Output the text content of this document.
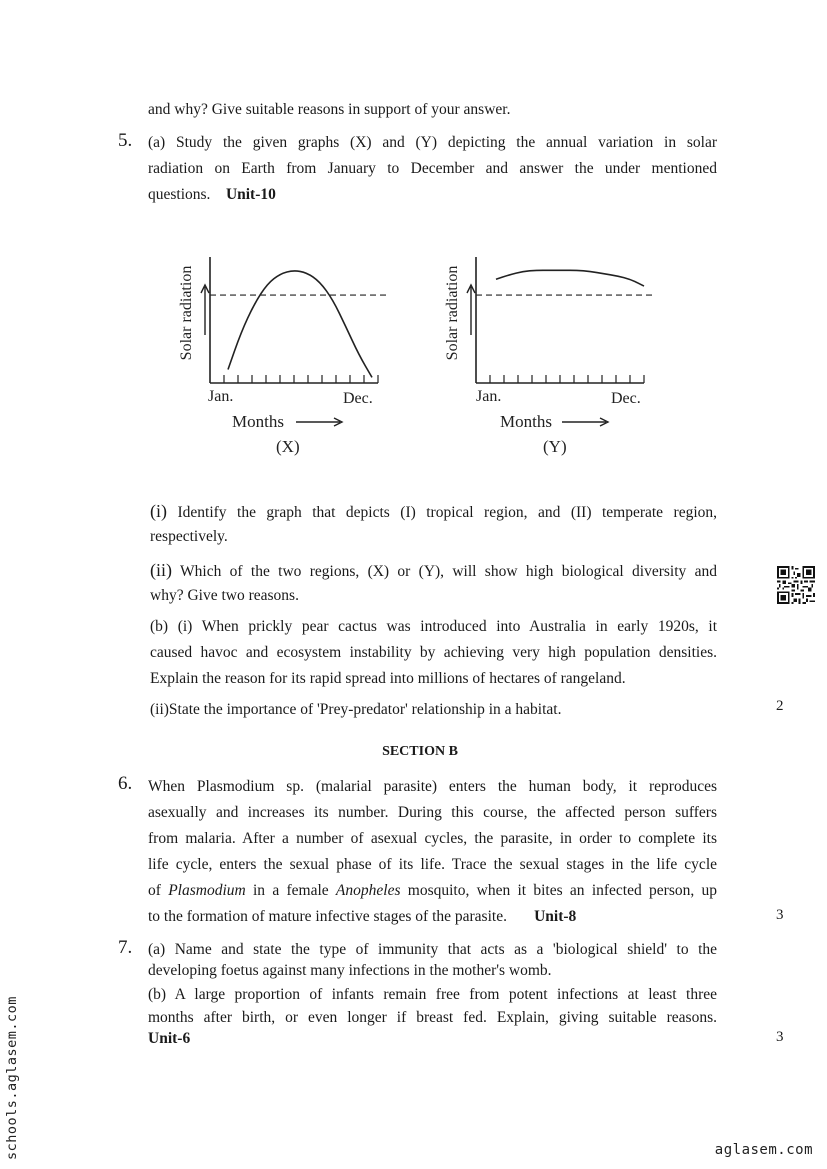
and why? Give suitable reasons in support of your answer.
5. (a) Study the given graphs (X) and (Y) depicting the annual variation in solar
radiation on Earth from January to December and answer the under mentioned
questions. Unit-10
Solar radiation
Jan.	Dec.
Months
(X)
Solar radiation
Jan.	Dec.
Months
(Y)
(i) Identify the graph that depicts (I) tropical region, and (II) temperate region,
respectively.
(ii) Which of the two regions, (X) or (Y), will show high biological diversity and
why? Give two reasons.
(b) (i) When prickly pear cactus was introduced into Australia in early 1920s, it
caused havoc and ecosystem instability by achieving very high population densities.
Explain the reason for its rapid spread into millions of hectares of rangeland.
(ii)State the importance of 'Prey-predator' relationship in a habitat.	2
SECTION B
6. When Plasmodium sp. (malarial parasite) enters the human body, it reproduces
asexually and increases its number. During this course, the affected person suffers
from malaria. After a number of asexual cycles, the parasite, in order to complete its
life cycle, enters the sexual phase of its life. Trace the sexual stages in the life cycle
of Plasmodium in a female Anopheles mosquito, when it bites an infected person, up
to the formation of mature infective stages of the parasite. Unit-8	3
7. (a) Name and state the type of immunity that acts as a 'biological shield' to the
developing foetus against many infections in the mother's womb.
(b) A large proportion of infants remain free from potent infections at least three
months after birth, or even longer if breast fed. Explain, giving suitable reasons.
Unit-6	3
schools.aglasem.com	aglasem.com
